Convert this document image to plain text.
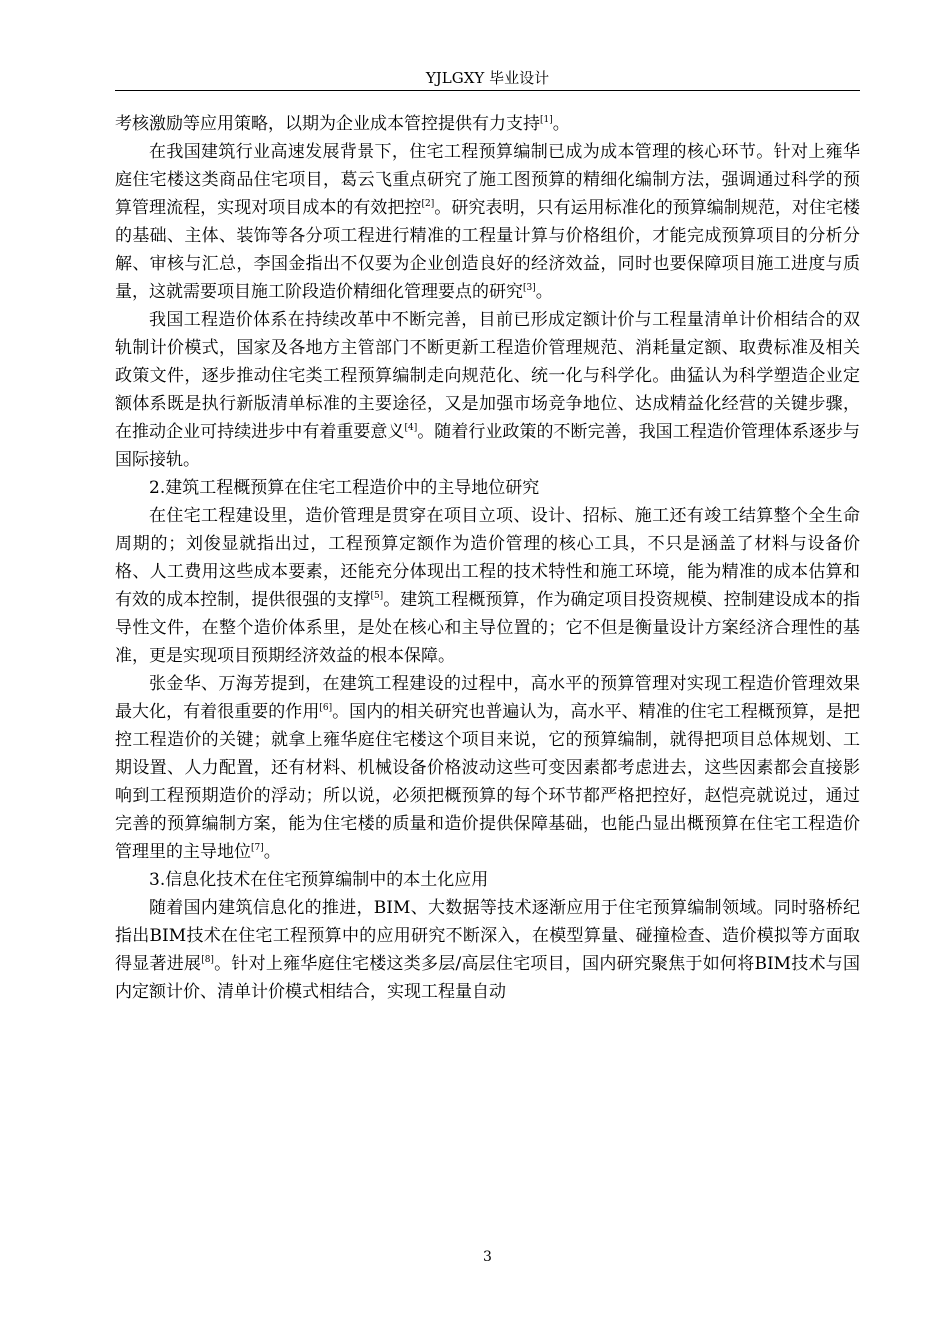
YJLGXY 毕业设计

考核激励等应用策略，以期为企业成本管控提供有力支持[1]。

在我国建筑行业高速发展背景下，住宅工程预算编制已成为成本管理的核心环节。针对上雍华庭住宅楼这类商品住宅项目，葛云飞重点研究了施工图预算的精细化编制方法，强调通过科学的预算管理流程，实现对项目成本的有效把控[2]。研究表明，只有运用标准化的预算编制规范，对住宅楼的基础、主体、装饰等各分项工程进行精准的工程量计算与价格组价，才能完成预算项目的分析分解、审核与汇总，李国金指出不仅要为企业创造良好的经济效益，同时也要保障项目施工进度与质量，这就需要项目施工阶段造价精细化管理要点的研究[3]。

我国工程造价体系在持续改革中不断完善，目前已形成定额计价与工程量清单计价相结合的双轨制计价模式，国家及各地方主管部门不断更新工程造价管理规范、消耗量定额、取费标准及相关政策文件，逐步推动住宅类工程预算编制走向规范化、统一化与科学化。曲猛认为科学塑造企业定额体系既是执行新版清单标准的主要途径，又是加强市场竞争地位、达成精益化经营的关键步骤，在推动企业可持续进步中有着重要意义[4]。随着行业政策的不断完善，我国工程造价管理体系逐步与国际接轨。

2.建筑工程概预算在住宅工程造价中的主导地位研究

在住宅工程建设里，造价管理是贯穿在项目立项、设计、招标、施工还有竣工结算整个全生命周期的；刘俊显就指出过，工程预算定额作为造价管理的核心工具，不只是涵盖了材料与设备价格、人工费用这些成本要素，还能充分体现出工程的技术特性和施工环境，能为精准的成本估算和有效的成本控制，提供很强的支撑[5]。建筑工程概预算，作为确定项目投资规模、控制建设成本的指导性文件，在整个造价体系里，是处在核心和主导位置的；它不但是衡量设计方案经济合理性的基准，更是实现项目预期经济效益的根本保障。

张金华、万海芳提到，在建筑工程建设的过程中，高水平的预算管理对实现工程造价管理效果最大化，有着很重要的作用[6]。国内的相关研究也普遍认为，高水平、精准的住宅工程概预算，是把控工程造价的关键；就拿上雍华庭住宅楼这个项目来说，它的预算编制，就得把项目总体规划、工期设置、人力配置，还有材料、机械设备价格波动这些可变因素都考虑进去，这些因素都会直接影响到工程预期造价的浮动；所以说，必须把概预算的每个环节都严格把控好，赵恺亮就说过，通过完善的预算编制方案，能为住宅楼的质量和造价提供保障基础，也能凸显出概预算在住宅工程造价管理里的主导地位[7]。

3.信息化技术在住宅预算编制中的本土化应用

随着国内建筑信息化的推进，BIM、大数据等技术逐渐应用于住宅预算编制领域。同时骆桥纪指出BIM技术在住宅工程预算中的应用研究不断深入，在模型算量、碰撞检查、造价模拟等方面取得显著进展[8]。针对上雍华庭住宅楼这类多层/高层住宅项目，国内研究聚焦于如何将BIM技术与国内定额计价、清单计价模式相结合，实现工程量自动

3
